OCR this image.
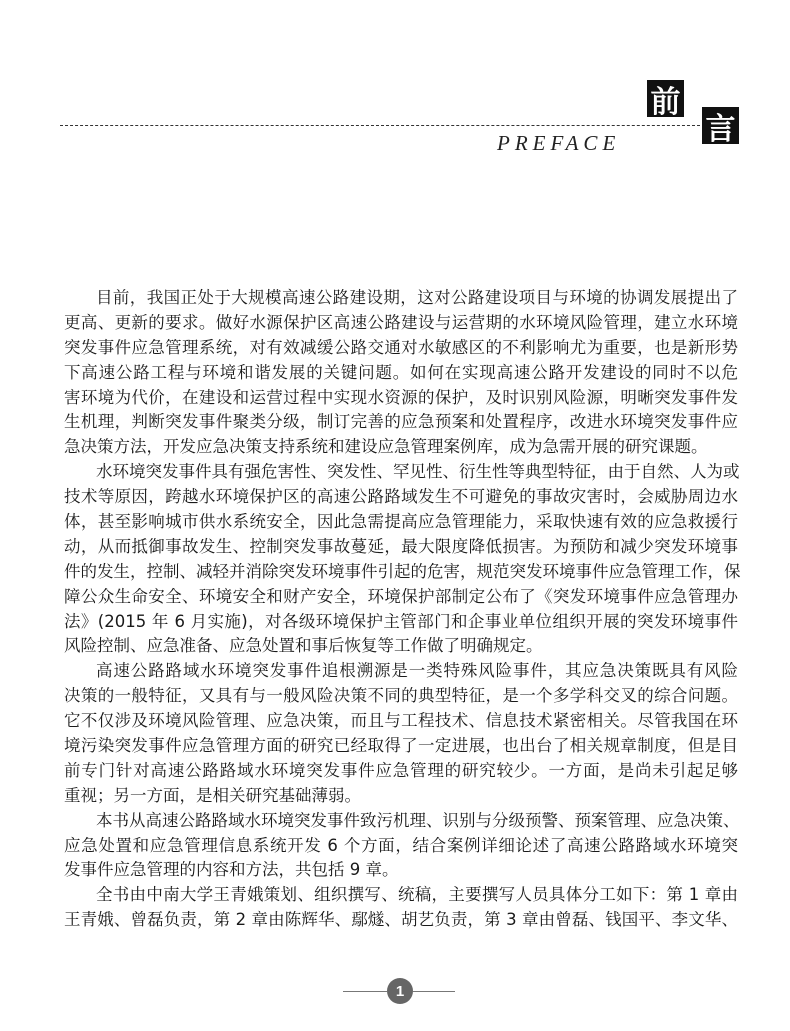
前
言
PREFACE
目前，我国正处于大规模高速公路建设期，这对公路建设项目与环境的协调发展提出了
更高、更新的要求。做好水源保护区高速公路建设与运营期的水环境风险管理，建立水环境
突发事件应急管理系统，对有效减缓公路交通对水敏感区的不利影响尤为重要，也是新形势
下高速公路工程与环境和谐发展的关键问题。如何在实现高速公路开发建设的同时不以危
害环境为代价，在建设和运营过程中实现水资源的保护，及时识别风险源，明晰突发事件发
生机理，判断突发事件聚类分级，制订完善的应急预案和处置程序，改进水环境突发事件应
急决策方法，开发应急决策支持系统和建设应急管理案例库，成为急需开展的研究课题。
水环境突发事件具有强危害性、突发性、罕见性、衍生性等典型特征，由于自然、人为或
技术等原因，跨越水环境保护区的高速公路路域发生不可避免的事故灾害时，会威胁周边水
体，甚至影响城市供水系统安全，因此急需提高应急管理能力，采取快速有效的应急救援行
动，从而抵御事故发生、控制突发事故蔓延，最大限度降低损害。为预防和减少突发环境事
件的发生，控制、减轻并消除突发环境事件引起的危害，规范突发环境事件应急管理工作，保
障公众生命安全、环境安全和财产安全，环境保护部制定公布了《突发环境事件应急管理办
法》(2015 年 6 月实施)，对各级环境保护主管部门和企事业单位组织开展的突发环境事件
风险控制、应急准备、应急处置和事后恢复等工作做了明确规定。
高速公路路域水环境突发事件追根溯源是一类特殊风险事件，其应急决策既具有风险
决策的一般特征，又具有与一般风险决策不同的典型特征，是一个多学科交叉的综合问题。
它不仅涉及环境风险管理、应急决策，而且与工程技术、信息技术紧密相关。尽管我国在环
境污染突发事件应急管理方面的研究已经取得了一定进展，也出台了相关规章制度，但是目
前专门针对高速公路路域水环境突发事件应急管理的研究较少。一方面，是尚未引起足够
重视；另一方面，是相关研究基础薄弱。
本书从高速公路路域水环境突发事件致污机理、识别与分级预警、预案管理、应急决策、
应急处置和应急管理信息系统开发 6 个方面，结合案例详细论述了高速公路路域水环境突
发事件应急管理的内容和方法，共包括 9 章。
全书由中南大学王青娥策划、组织撰写、统稿，主要撰写人员具体分工如下：第 1 章由
王青娥、曾磊负责，第 2 章由陈辉华、鄢燧、胡艺负责，第 3 章由曾磊、钱国平、李文华、
1
